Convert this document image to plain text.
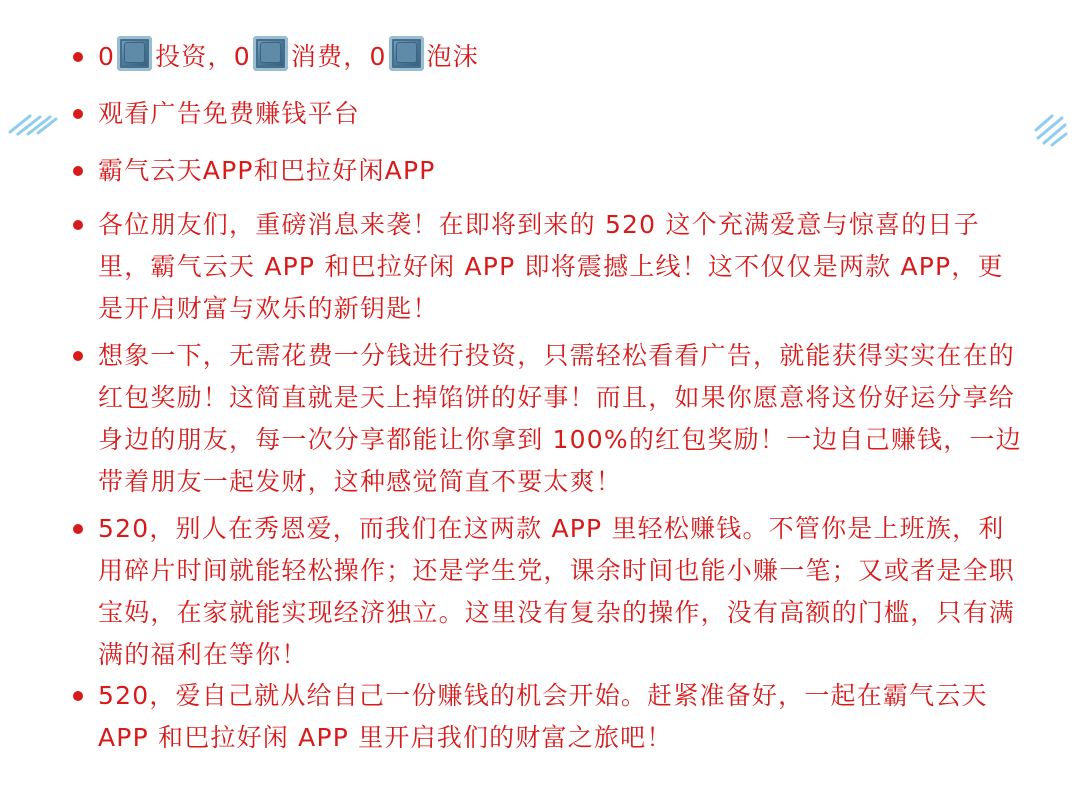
0 投资，0 消费，0 泡沫
观看广告免费赚钱平台
霸气云天APP和巴拉好闲APP
各位朋友们，重磅消息来袭！在即将到来的 520 这个充满爱意与惊喜的日子里，霸气云天 APP 和巴拉好闲 APP 即将震撼上线！这不仅仅是两款 APP，更是开启财富与欢乐的新钥匙！
想象一下，无需花费一分钱进行投资，只需轻松看看广告，就能获得实实在在的红包奖励！这简直就是天上掉馅饼的好事！而且，如果你愿意将这份好运分享给身边的朋友，每一次分享都能让你拿到 100%的红包奖励！一边自己赚钱，一边带着朋友一起发财，这种感觉简直不要太爽！
520，别人在秀恩爱，而我们在这两款 APP 里轻松赚钱。不管你是上班族，利用碎片时间就能轻松操作；还是学生党，课余时间也能小赚一笔；又或者是全职宝妈，在家就能实现经济独立。这里没有复杂的操作，没有高额的门槛，只有满满的福利在等你！
520，爱自己就从给自己一份赚钱的机会开始。赶紧准备好，一起在霸气云天 APP 和巴拉好闲 APP 里开启我们的财富之旅吧！
